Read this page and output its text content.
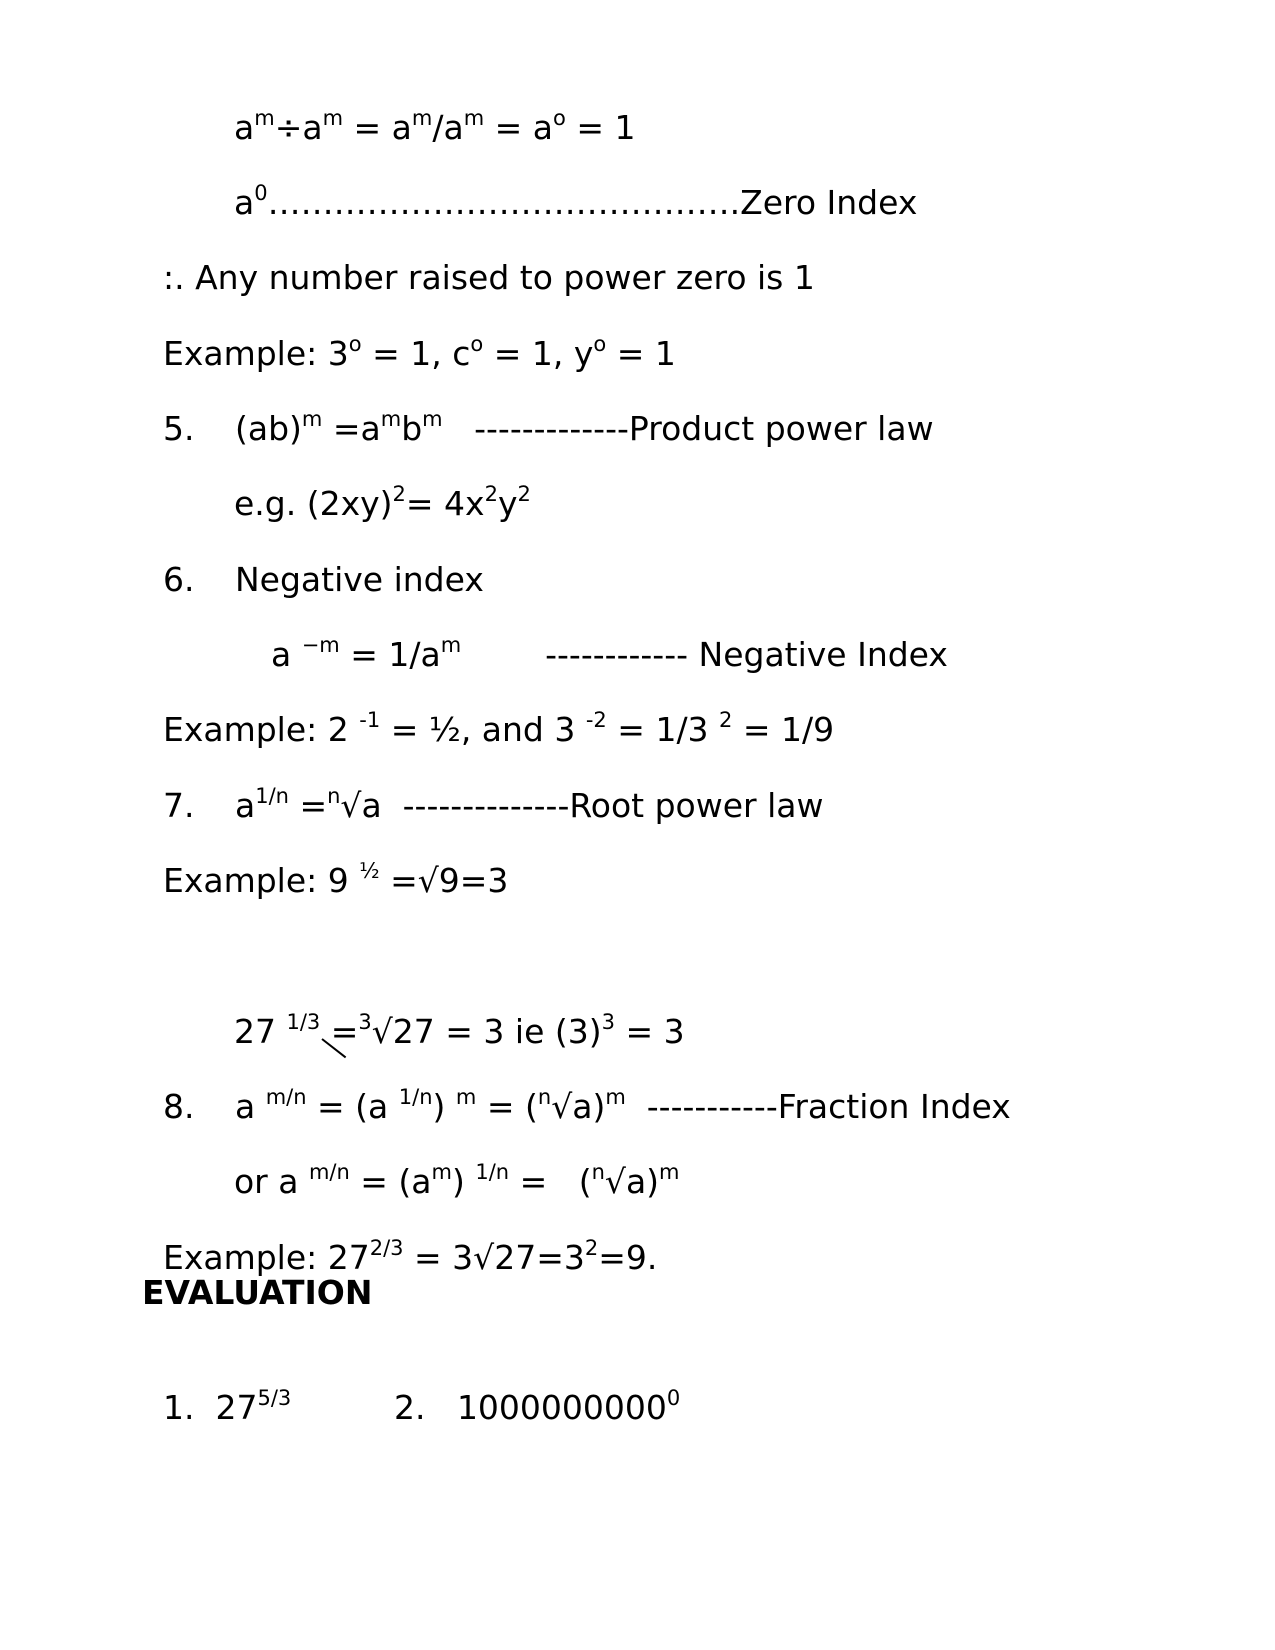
$a^m\div a^m = a^m/a^m = a^o = 1$

$a^0\dots\dots\dots\dots\dots\dots\dots\dots\dots\dots\dots\dots\dots\dots.Zero$ Index

:. Any number raised to power zero is 1

Example: $3^o = 1$, $c^o = 1$, $y^o = 1$

5. $(ab)^m =a^mb^m$   -------------Product power law

e.g. $(2xy)^2= 4x^2y^2$

6. Negative index

a $^{-m} = 1/a^m$        ------------ Negative Index

Example: 2 $^{-1}$ = ½, and 3 $^{-2}$ = 1/3 $^2$ = 1/9

7. $a^{1/n} =^n√a$  --------------Root power law

Example: 9 $^{\frac{1}{2}}$ =√9=3

27 $^{1/3}$ =
$^3$√27 = 3 ie $(3)^3 = 3$

8. a $^{m/n}$ = (a $^{1/n}$) $^m = (^n√a)^m$  -----------Fraction Index

or a $^{m/n} = (a^m) ^{1/n} = (^n√a)^m$

Example: $27^{2/3} = 3√27=3^2=9$.

EVALUATION

1.  $27^{5/3}$	2.   1000000000$^0$
